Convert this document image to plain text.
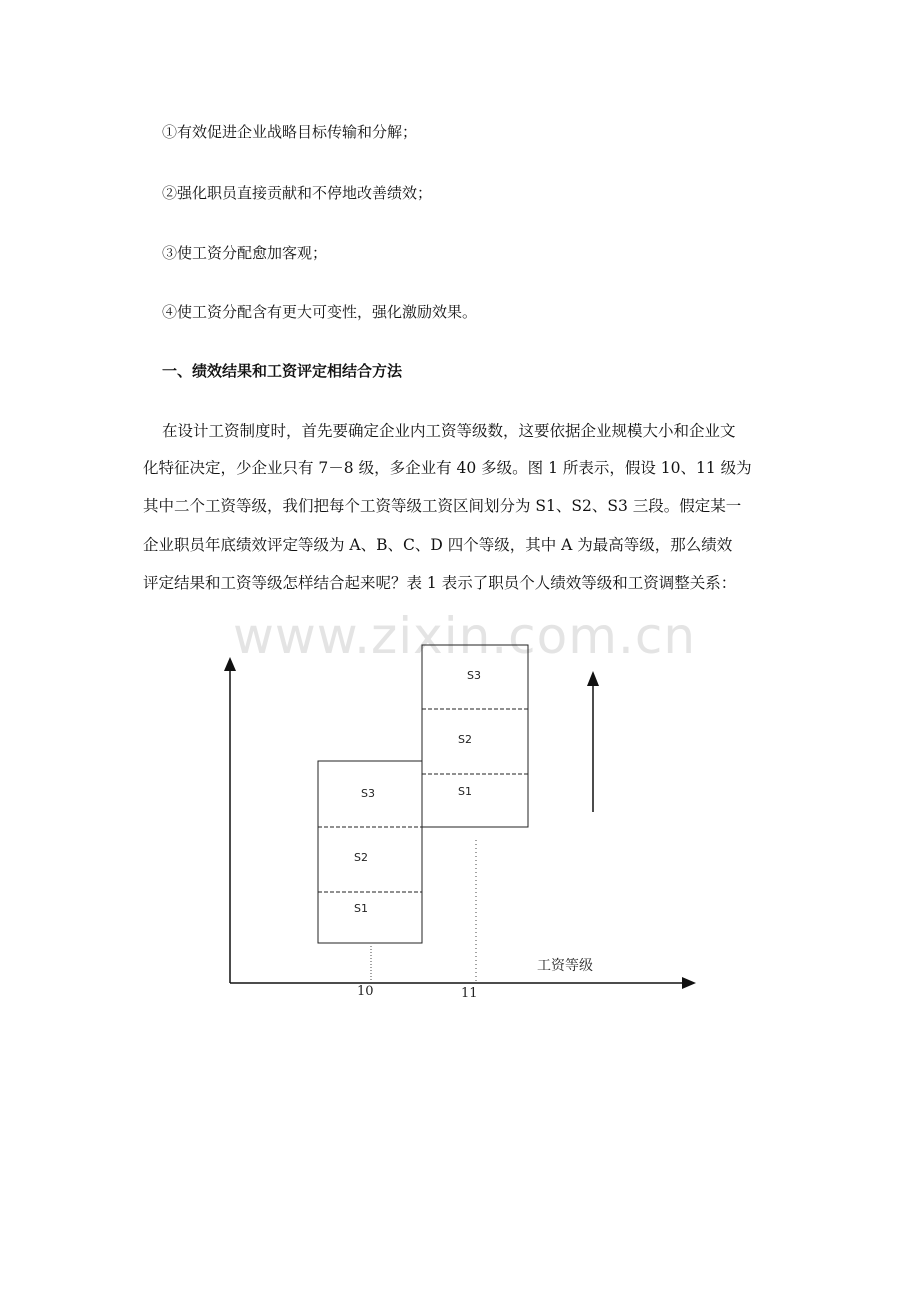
①有效促进企业战略目标传输和分解；
②强化职员直接贡献和不停地改善绩效；
③使工资分配愈加客观；
④使工资分配含有更大可变性，强化激励效果。
一、绩效结果和工资评定相结合方法
在设计工资制度时，首先要确定企业内工资等级数，这要依据企业规模大小和企业文
化特征决定，少企业只有 7－8 级，多企业有 40 多级。图 1 所表示，假设 10、11 级为
其中二个工资等级，我们把每个工资等级工资区间划分为 S1、S2、S3 三段。假定某一
企业职员年底绩效评定等级为 A、B、C、D 四个等级，其中 A 为最高等级，那么绩效
评定结果和工资等级怎样结合起来呢？表 1 表示了职员个人绩效等级和工资调整关系：
www.zixin.com.cn
S3
S2
S1
S3
S2
S1
工资等级
10	11
